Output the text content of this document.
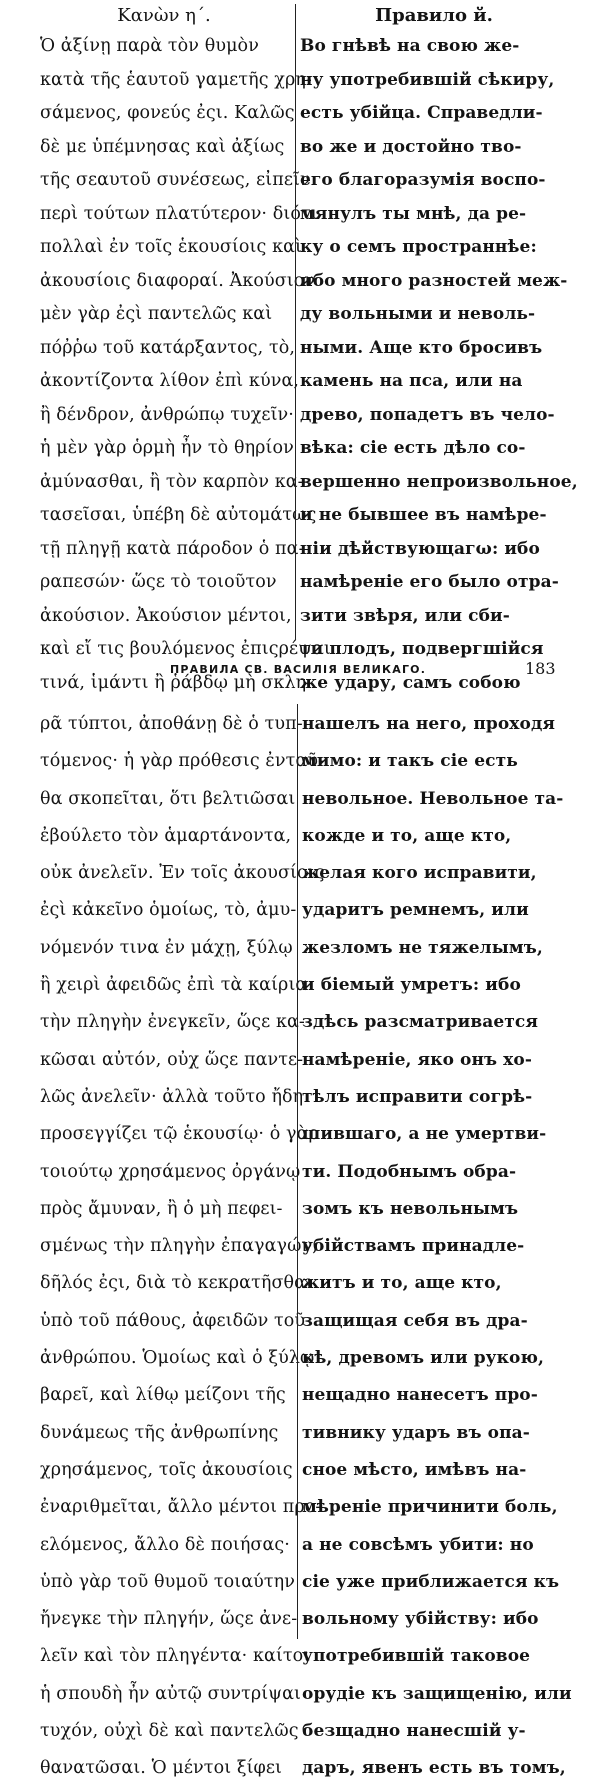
Κανὼν η΄.
Ὁ ἀξίνῃ παρὰ τὸν θυμὸν
κατὰ τῆς ἑαυτοῦ γαμετῆς χρη-
σάμενος, φονεύς ἐςι. Καλῶς
δὲ με ὑπέμνησας καὶ ἀξίως
τῆς σεαυτοῦ συνέσεως, εἰπεῖν
περὶ τούτων πλατύτερον· διότι
πολλαὶ ἐν τοῖς ἑκουσίοις καὶ
ἀκουσίοις διαφοραί. Ἀκούσιον
μὲν γὰρ ἐςὶ παντελῶς καὶ
πόῤῥω τοῦ κατάρξαντος, τὸ,
ἀκοντίζοντα λίθον ἐπὶ κύνα,
ἢ δένδρον, ἀνθρώπῳ τυχεῖν·
ἡ μὲν γὰρ ὁρμὴ ἦν τὸ θηρίον
ἀμύνασθαι, ἢ τὸν καρπὸν κα-
τασεῖσαι, ὑπέβη δὲ αὐτομάτως
τῇ πληγῇ κατὰ πάροδον ὁ πα-
ραπεσών· ὥςε τὸ τοιοῦτον
ἀκούσιον. Ἀκούσιον μέντοι,
καὶ εἴ τις βουλόμενος ἐπιςρέψαι
τινά, ἱμάντι ἢ ῥάβδῳ μὴ σκλη-
Правило й.
Во гнѣвѣ на свою же-
ну употребившiй сѣкиру,
есть убiйца. Справедли-
во же и достойно тво-
его благоразумiя воспо-
мянулъ ты мнѣ, да ре-
ку о семъ пространнѣе:
ибо много разностей меж-
ду вольными и неволь-
ными. Аще кто бросивъ
камень на пса, или на
древо, попадетъ въ чело-
вѣка: сiе есть дѣло со-
вершенно непроизвольное,
и не бывшее въ намѣре-
нiи дѣйствующагω: ибо
намѣренiе его было отра-
зити звѣря, или сби-
ти плодъ, подвергшiйся
же удару, самъ собою
ПРАВИЛА СВ. ВАСИЛІЯ ВЕЛИКАГО.	183
ρᾶ τύπτοι, ἀποθάνῃ δὲ ὁ τυπ-
τόμενος· ἡ γὰρ πρόθεσις ἐνταῦ-
θα σκοπεῖται, ὅτι βελτιῶσαι
ἐβούλετο τὸν ἁμαρτάνοντα,
οὐκ ἀνελεῖν. Ἐν τοῖς ἀκουσίοις
ἐςὶ κἀκεῖνο ὁμοίως, τὸ, ἀμυ-
νόμενόν τινα ἐν μάχῃ, ξύλῳ
ἢ χειρὶ ἀφειδῶς ἐπὶ τὰ καίρια
τὴν πληγὴν ἐνεγκεῖν, ὥςε κα-
κῶσαι αὐτόν, οὐχ ὥςε παντε-
λῶς ἀνελεῖν· ἀλλὰ τοῦτο ἤδη
προσεγγίζει τῷ ἑκουσίῳ· ὁ γὰρ
τοιούτῳ χρησάμενος ὀργάνῳ
πρὸς ἄμυναν, ἢ ὁ μὴ πεφει-
σμένως τὴν πληγὴν ἐπαγαγών,
δῆλός ἐςι, διὰ τὸ κεκρατῆσθαι
ὑπὸ τοῦ πάθους, ἀφειδῶν τοῦ
ἀνθρώπου. Ὁμοίως καὶ ὁ ξύλῳ
βαρεῖ, καὶ λίθῳ μείζονι τῆς
δυνάμεως τῆς ἀνθρωπίνης
χρησάμενος, τοῖς ἀκουσίοις
ἐναριθμεῖται, ἄλλο μέντοι προ-
ελόμενος, ἄλλο δὲ ποιήσας·
ὑπὸ γὰρ τοῦ θυμοῦ τοιαύτην
ἤνεγκε τὴν πληγήν, ὥςε ἀνε-
λεῖν καὶ τὸν πληγέντα· καίτοι
ἡ σπουδὴ ἦν αὐτῷ συντρίψαι
τυχόν, οὐχὶ δὲ καὶ παντελῶς
θανατῶσαι. Ὁ μέντοι ξίφει
нашелъ на него, проходя
мимо: и такъ сiе есть
невольное. Невольное та-
кожде и то, аще кто,
желая кого исправити,
ударитъ ремнемъ, или
жезломъ не тяжелымъ,
и бiемый умретъ: ибо
здѣсь разсматривается
намѣренiе, яко онъ хо-
тѣлъ исправити согрѣ-
шившаго, а не умертви-
ти. Подобнымъ обра-
зомъ къ невольнымъ
убiйствамъ принадле-
житъ и то, аще кто,
защищая себя въ дра-
кѣ, древомъ или рукою,
нещадно нанесетъ про-
тивнику ударъ въ опа-
сное мѣсто, имѣвъ на-
мѣренiе причинити боль,
а не совсѣмъ убити: но
сiе уже приближается къ
вольному убiйству: ибо
употребившiй таковое
орудiе къ защищенiю, или
безщадно нанесшiй у-
даръ, явенъ есть въ томъ,
